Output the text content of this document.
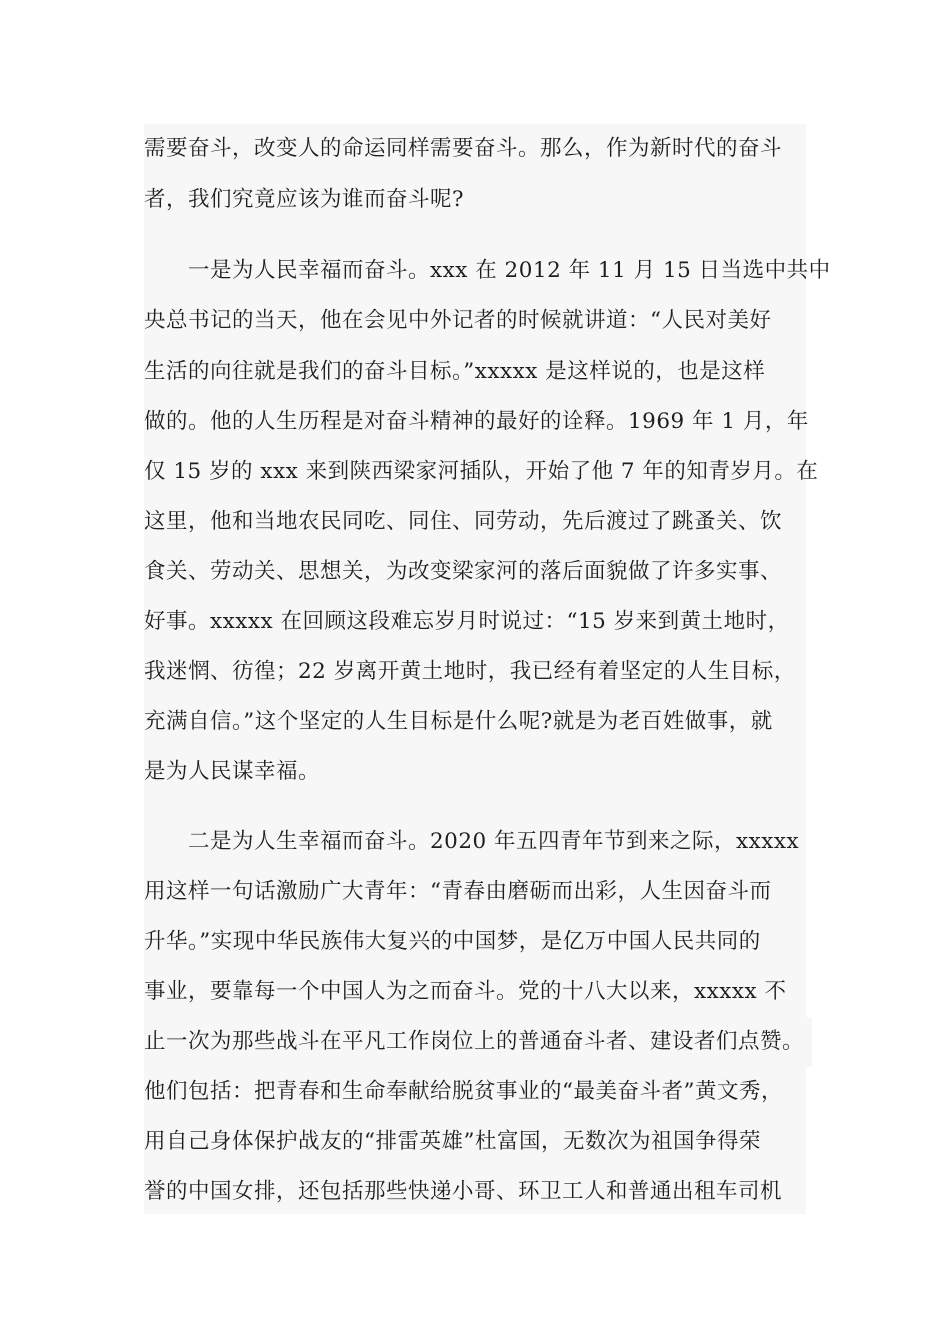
需要奋斗，改变人的命运同样需要奋斗。那么，作为新时代的奋斗
者，我们究竟应该为谁而奋斗呢?
一是为人民幸福而奋斗。xxx 在 2012 年 11 月 15 日当选中共中
央总书记的当天，他在会见中外记者的时候就讲道：“人民对美好
生活的向往就是我们的奋斗目标。”xxxxx 是这样说的，也是这样
做的。他的人生历程是对奋斗精神的最好的诠释。1969 年 1 月，年
仅 15 岁的 xxx 来到陕西梁家河插队，开始了他 7 年的知青岁月。在
这里，他和当地农民同吃、同住、同劳动，先后渡过了跳蚤关、饮
食关、劳动关、思想关，为改变梁家河的落后面貌做了许多实事、
好事。xxxxx 在回顾这段难忘岁月时说过：“15 岁来到黄土地时，
我迷惘、彷徨；22 岁离开黄土地时，我已经有着坚定的人生目标，
充满自信。”这个坚定的人生目标是什么呢?就是为老百姓做事，就
是为人民谋幸福。
二是为人生幸福而奋斗。2020 年五四青年节到来之际，xxxxx
用这样一句话激励广大青年：“青春由磨砺而出彩，人生因奋斗而
升华。”实现中华民族伟大复兴的中国梦，是亿万中国人民共同的
事业，要靠每一个中国人为之而奋斗。党的十八大以来，xxxxx 不
止一次为那些战斗在平凡工作岗位上的普通奋斗者、建设者们点赞。
他们包括：把青春和生命奉献给脱贫事业的“最美奋斗者”黄文秀，
用自己身体保护战友的“排雷英雄”杜富国，无数次为祖国争得荣
誉的中国女排，还包括那些快递小哥、环卫工人和普通出租车司机
